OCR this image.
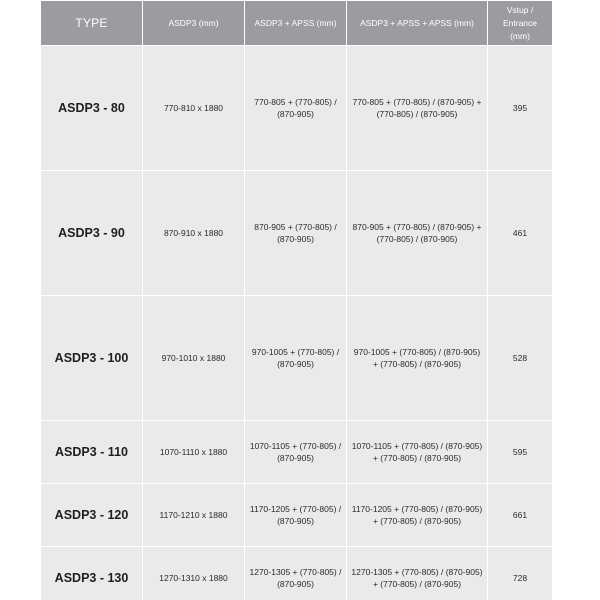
TYPE	ASDP3 (mm)	ASDP3 + APSS (mm)	ASDP3 + APSS + APSS (mm)	Vstup / Entrance (mm)
ASDP3 - 80	770-810 x 1880	770-805 + (770-805) / (870-905)	770-805 + (770-805) / (870-905) + (770-805) / (870-905)	395
ASDP3 - 90	870-910 x 1880	870-905 + (770-805) / (870-905)	870-905 + (770-805) / (870-905) + (770-805) / (870-905)	461
ASDP3 - 100	970-1010 x 1880	970-1005 + (770-805) / (870-905)	970-1005 + (770-805) / (870-905) + (770-805) / (870-905)	528
ASDP3 - 110	1070-1110 x 1880	1070-1105 + (770-805) / (870-905)	1070-1105 + (770-805) / (870-905) + (770-805) / (870-905)	595
ASDP3 - 120	1170-1210 x 1880	1170-1205 + (770-805) / (870-905)	1170-1205 + (770-805) / (870-905) + (770-805) / (870-905)	661
ASDP3 - 130	1270-1310 x 1880	1270-1305 + (770-805) / (870-905)	1270-1305 + (770-805) / (870-905) + (770-805) / (870-905)	728
